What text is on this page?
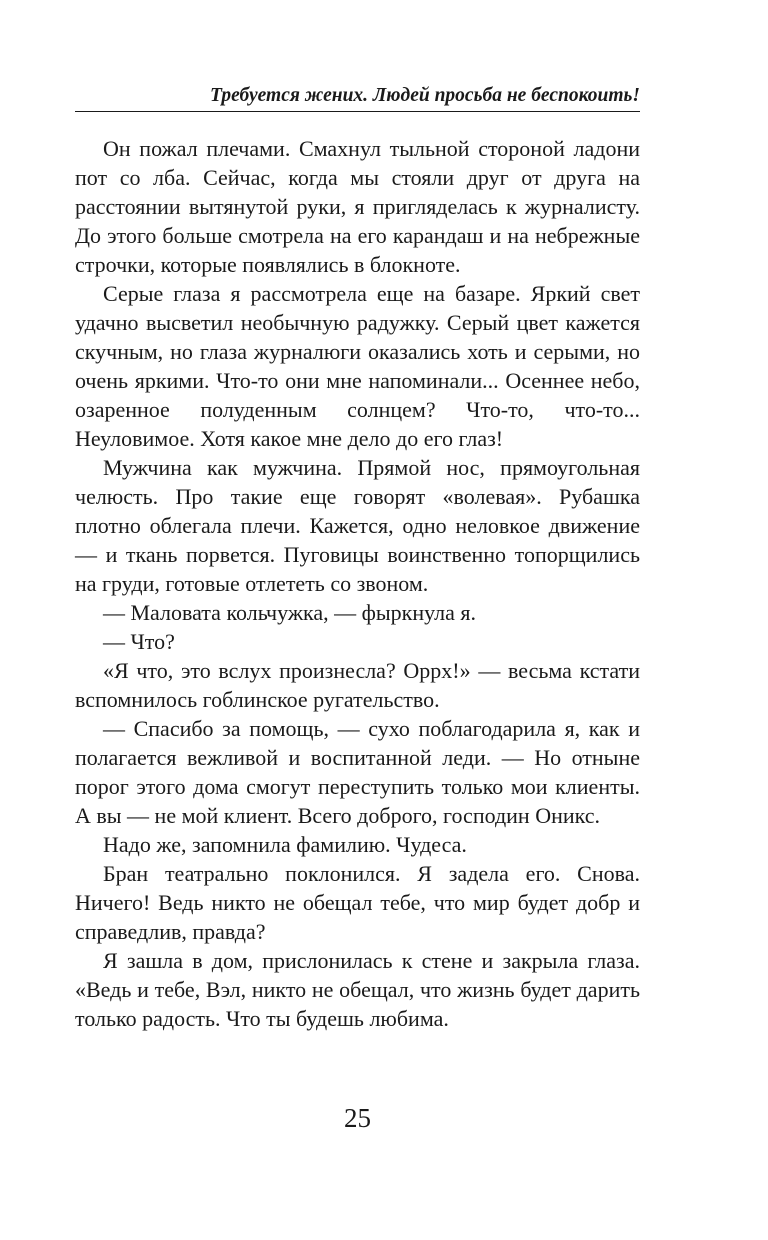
Требуется жених. Людей просьба не беспокоить!

Он пожал плечами. Смахнул тыльной стороной ладони пот со лба. Сейчас, когда мы стояли друг от друга на расстоянии вытянутой руки, я пригляделась к журналисту. До этого больше смотрела на его карандаш и на небрежные строчки, которые появлялись в блокноте.

Серые глаза я рассмотрела еще на базаре. Яркий свет удачно высветил необычную радужку. Серый цвет кажется скучным, но глаза журналюги оказались хоть и серыми, но очень яркими. Что-то они мне напоминали... Осеннее небо, озаренное полуденным солнцем? Что-то, что-то... Неуловимое. Хотя какое мне дело до его глаз!

Мужчина как мужчина. Прямой нос, прямоугольная челюсть. Про такие еще говорят «волевая». Рубашка плотно облегала плечи. Кажется, одно неловкое движение — и ткань порвется. Пуговицы воинственно топорщились на груди, готовые отлететь со звоном.

— Маловата кольчужка, — фыркнула я.

— Что?

«Я что, это вслух произнесла? Оррх!» — весьма кстати вспомнилось гоблинское ругательство.

— Спасибо за помощь, — сухо поблагодарила я, как и полагается вежливой и воспитанной леди. — Но отныне порог этого дома смогут переступить только мои клиенты. А вы — не мой клиент. Всего доброго, господин Оникс.

Надо же, запомнила фамилию. Чудеса.

Бран театрально поклонился. Я задела его. Снова. Ничего! Ведь никто не обещал тебе, что мир будет добр и справедлив, правда?

Я зашла в дом, прислонилась к стене и закрыла глаза. «Ведь и тебе, Вэл, никто не обещал, что жизнь будет дарить только радость. Что ты будешь любима.

25
